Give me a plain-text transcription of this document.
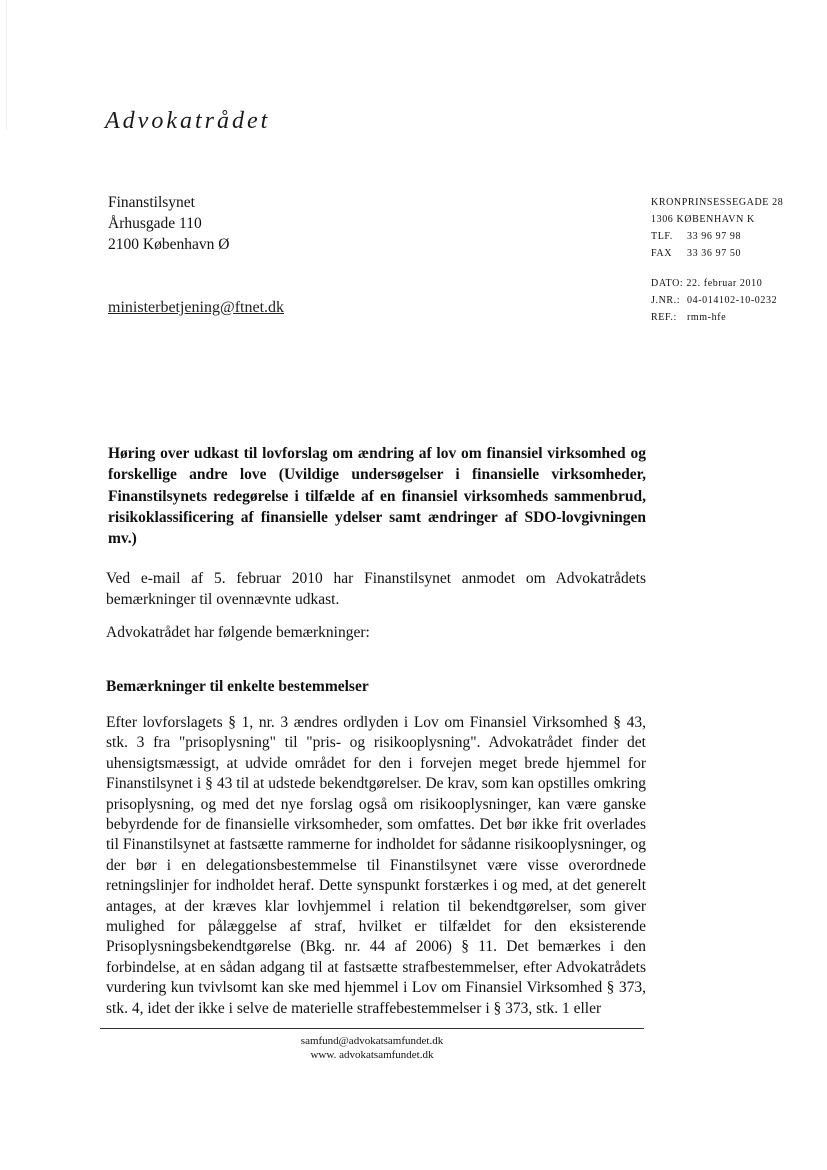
Advokatrådet
Finanstilsynet
Århusgade 110
2100 København Ø
ministerbetjening@ftnet.dk
KRONPRINSESSEGADE 28
1306 KØBENHAVN K
TLF.	33 96 97 98
FAX	33 36 97 50
DATO: 22. februar 2010
J.NR.: 04-014102-10-0232
REF.:	rmm-hfe
Høring over udkast til lovforslag om ændring af lov om finansiel virksomhed og forskellige andre love (Uvildige undersøgelser i finansielle virksomheder, Finanstilsynets redegørelse i tilfælde af en finansiel virksomheds sammenbrud, risikoklassificering af finansielle ydelser samt ændringer af SDO-lovgivningen mv.)
Ved e-mail af 5. februar 2010 har Finanstilsynet anmodet om Advokatrådets bemærkninger til ovennævnte udkast.
Advokatrådet har følgende bemærkninger:
Bemærkninger til enkelte bestemmelser
Efter lovforslagets § 1, nr. 3 ændres ordlyden i Lov om Finansiel Virksomhed § 43, stk. 3 fra "prisoplysning" til "pris- og risikooplysning". Advokatrådet finder det uhensigtsmæssigt, at udvide området for den i forvejen meget brede hjemmel for Finanstilsynet i § 43 til at udstede bekendtgørelser. De krav, som kan opstilles omkring prisoplysning, og med det nye forslag også om risikooplysninger, kan være ganske bebyrdende for de finansielle virksomheder, som omfattes. Det bør ikke frit overlades til Finanstilsynet at fastsætte rammerne for indholdet for sådanne risikooplysninger, og der bør i en delegationsbestemmelse til Finanstilsynet være visse overordnede retningslinjer for indholdet heraf. Dette synspunkt forstærkes i og med, at det generelt antages, at der kræves klar lovhjemmel i relation til bekendtgørelser, som giver mulighed for pålæggelse af straf, hvilket er tilfældet for den eksisterende Prisoplysningsbekendtgørelse (Bkg. nr. 44 af 2006) § 11. Det bemærkes i den forbindelse, at en sådan adgang til at fastsætte strafbestemmelser, efter Advokatrådets vurdering kun tvivlsomt kan ske med hjemmel i Lov om Finansiel Virksomhed § 373, stk. 4, idet der ikke i selve de materielle straffebestemmelser i § 373, stk. 1 eller
samfund@advokatsamfundet.dk
www. advokatsamfundet.dk
